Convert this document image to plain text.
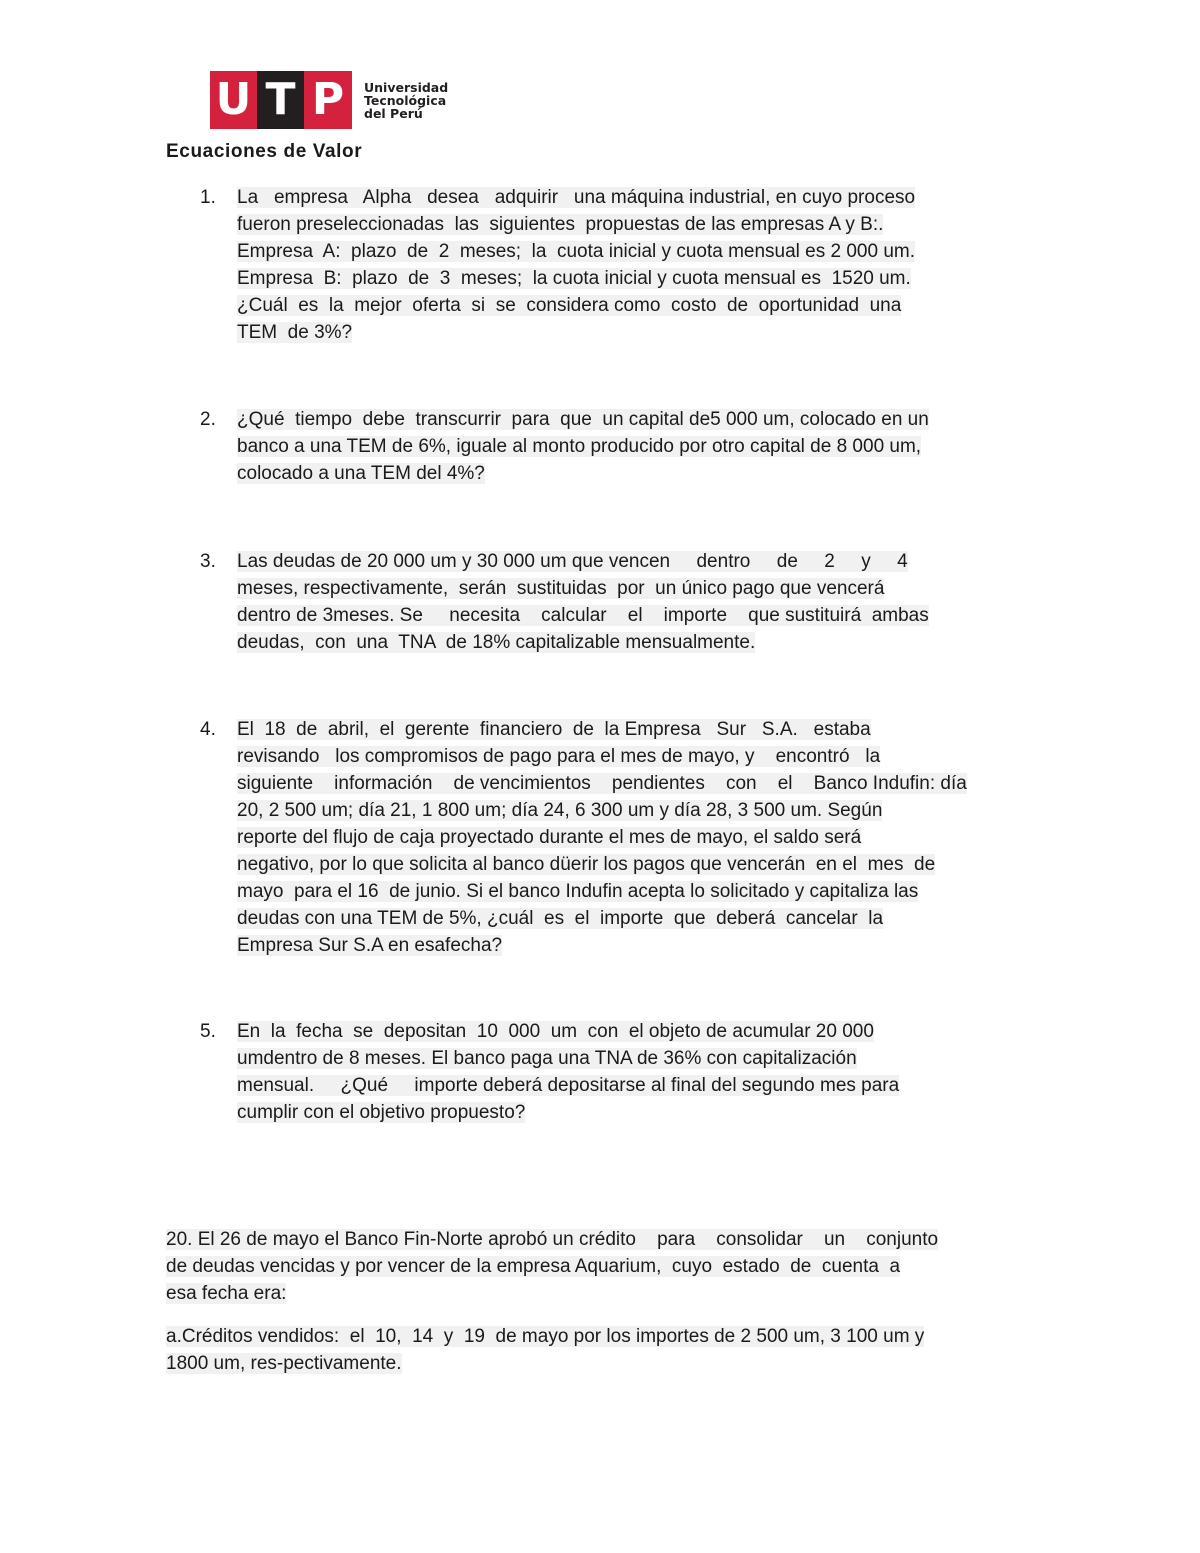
U T P	Universidad
Tecnológica
del Perú
Ecuaciones de Valor
1.	La   empresa   Alpha   desea   adquirir   una máquina industrial, en cuyo proceso
fueron preseleccionadas  las  siguientes  propuestas de las empresas A y B:.
Empresa  A:  plazo  de  2  meses;  la  cuota inicial y cuota mensual es 2 000 um.
Empresa  B:  plazo  de  3  meses;  la cuota inicial y cuota mensual es  1520 um.
¿Cuál  es  la  mejor  oferta  si  se  considera como  costo  de  oportunidad  una
TEM  de 3%?
2.	¿Qué  tiempo  debe  transcurrir  para  que  un capital de5 000 um, colocado en un
banco a una TEM de 6%, iguale al monto producido por otro capital de 8 000 um,
colocado a una TEM del 4%?
3.	Las deudas de 20 000 um y 30 000 um que vencen     dentro     de     2     y     4
meses, respectivamente,  serán  sustituidas  por  un único pago que vencerá
dentro de 3meses. Se     necesita    calcular    el    importe    que sustituirá  ambas
deudas,  con  una  TNA  de 18% capitalizable mensualmente.
4.	El  18  de  abril,  el  gerente  financiero  de  la Empresa   Sur   S.A.   estaba
revisando   los compromisos de pago para el mes de mayo, y    encontró   la
siguiente    información    de vencimientos    pendientes    con    el    Banco Indufin: día
20, 2 500 um; día 21, 1 800 um; día 24, 6 300 um y día 28, 3 500 um. Según
reporte del flujo de caja proyectado durante el mes de mayo, el saldo será
negativo, por lo que solicita al banco düerir los pagos que vencerán  en el  mes  de
mayo  para el 16  de junio. Si el banco Indufin acepta lo solicitado y capitaliza las
deudas con una TEM de 5%, ¿cuál  es  el  importe  que  deberá  cancelar  la
Empresa Sur S.A en esafecha?
5.	En  la  fecha  se  depositan  10  000  um  con  el objeto de acumular 20 000
umdentro de 8 meses. El banco paga una TNA de 36% con capitalización
mensual.     ¿Qué     importe deberá depositarse al final del segundo mes para
cumplir con el objetivo propuesto?
20. El 26 de mayo el Banco Fin-Norte aprobó un crédito    para    consolidar    un    conjunto
de deudas vencidas y por vencer de la empresa Aquarium,  cuyo  estado  de  cuenta  a
esa fecha era:
a.Créditos vendidos:  el  10,  14  y  19  de mayo por los importes de 2 500 um, 3 100 um y
1800 um, res-pectivamente.
